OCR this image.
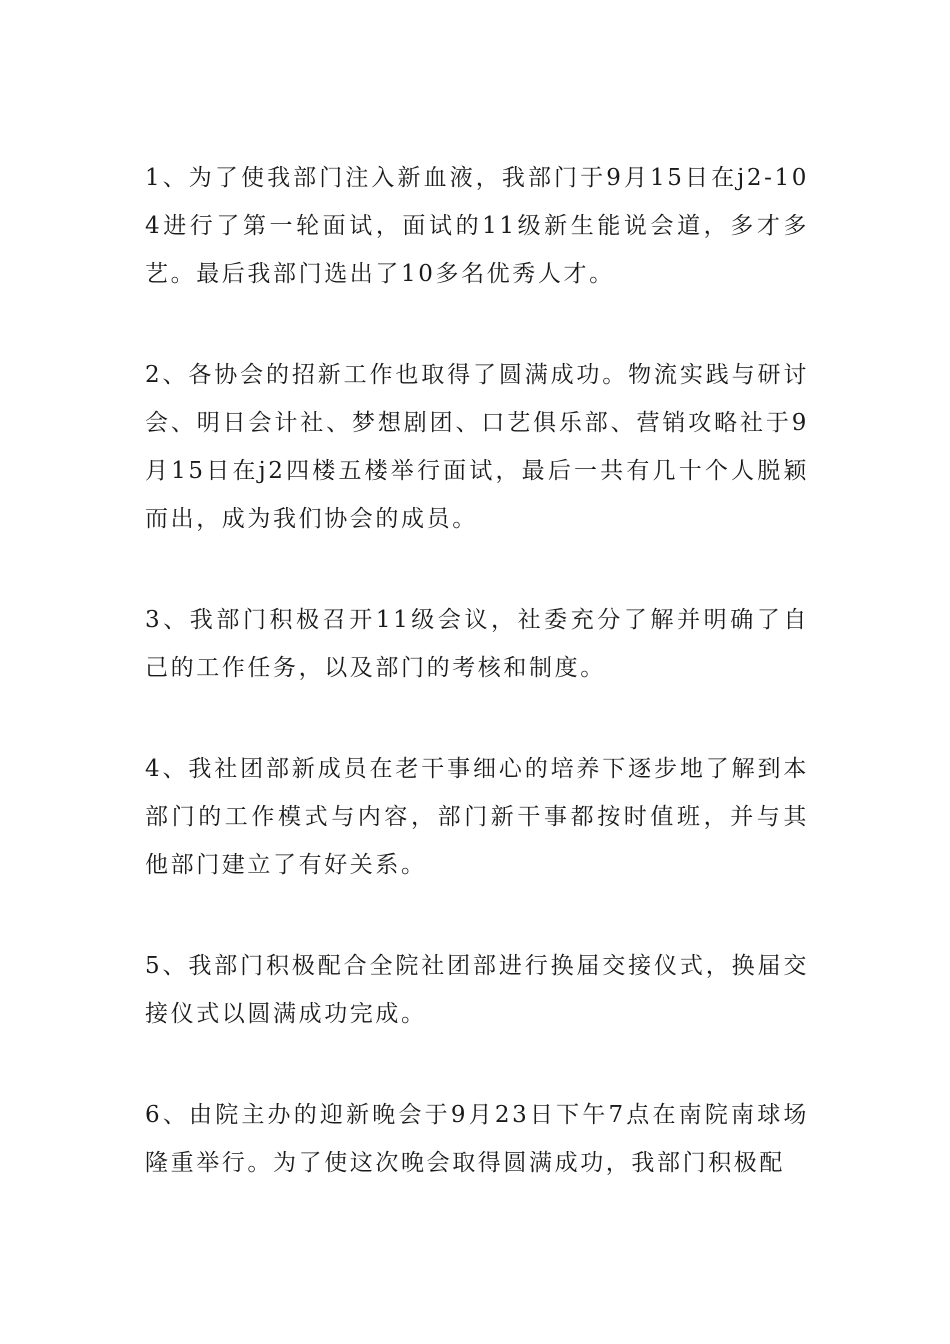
1、为了使我部门注入新血液，我部门于9月15日在j2-104进行了第一轮面试，面试的11级新生能说会道，多才多艺。最后我部门选出了10多名优秀人才。

2、各协会的招新工作也取得了圆满成功。物流实践与研讨会、明日会计社、梦想剧团、口艺俱乐部、营销攻略社于9月15日在j2四楼五楼举行面试，最后一共有几十个人脱颖而出，成为我们协会的成员。

3、我部门积极召开11级会议，社委充分了解并明确了自己的工作任务，以及部门的考核和制度。

4、我社团部新成员在老干事细心的培养下逐步地了解到本部门的工作模式与内容，部门新干事都按时值班，并与其他部门建立了有好关系。

5、我部门积极配合全院社团部进行换届交接仪式，换届交接仪式以圆满成功完成。

6、由院主办的迎新晚会于9月23日下午7点在南院南球场隆重举行。为了使这次晚会取得圆满成功，我部门积极配
